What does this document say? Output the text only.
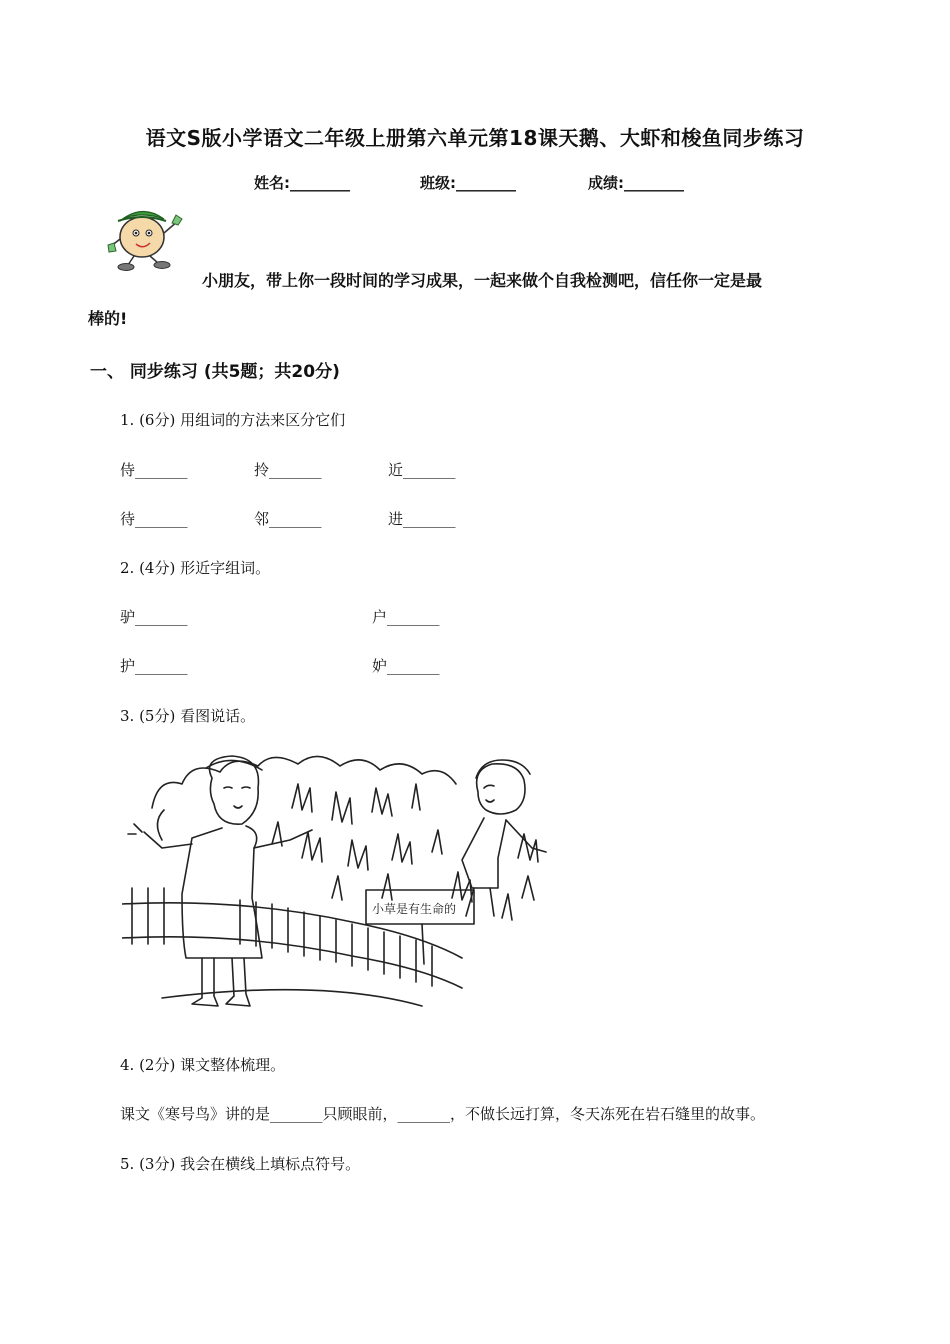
语文S版小学语文二年级上册第六单元第18课天鹅、大虾和梭鱼同步练习
姓名:________	班级:________	成绩:________
小朋友，带上你一段时间的学习成果，一起来做个自我检测吧，信任你一定是最
棒的!
一、 同步练习 (共5题；共20分)
1. (6分) 用组词的方法来区分它们
侍_______	拎_______	近_______
待_______	邻_______	进_______
2. (4分) 形近字组词。
驴_______	户_______
护_______	妒_______
3. (5分) 看图说话。
小草是有生命的
4. (2分) 课文整体梳理。
课文《寒号鸟》讲的是_______只顾眼前，_______，不做长远打算，冬天冻死在岩石缝里的故事。
5. (3分) 我会在横线上填标点符号。
